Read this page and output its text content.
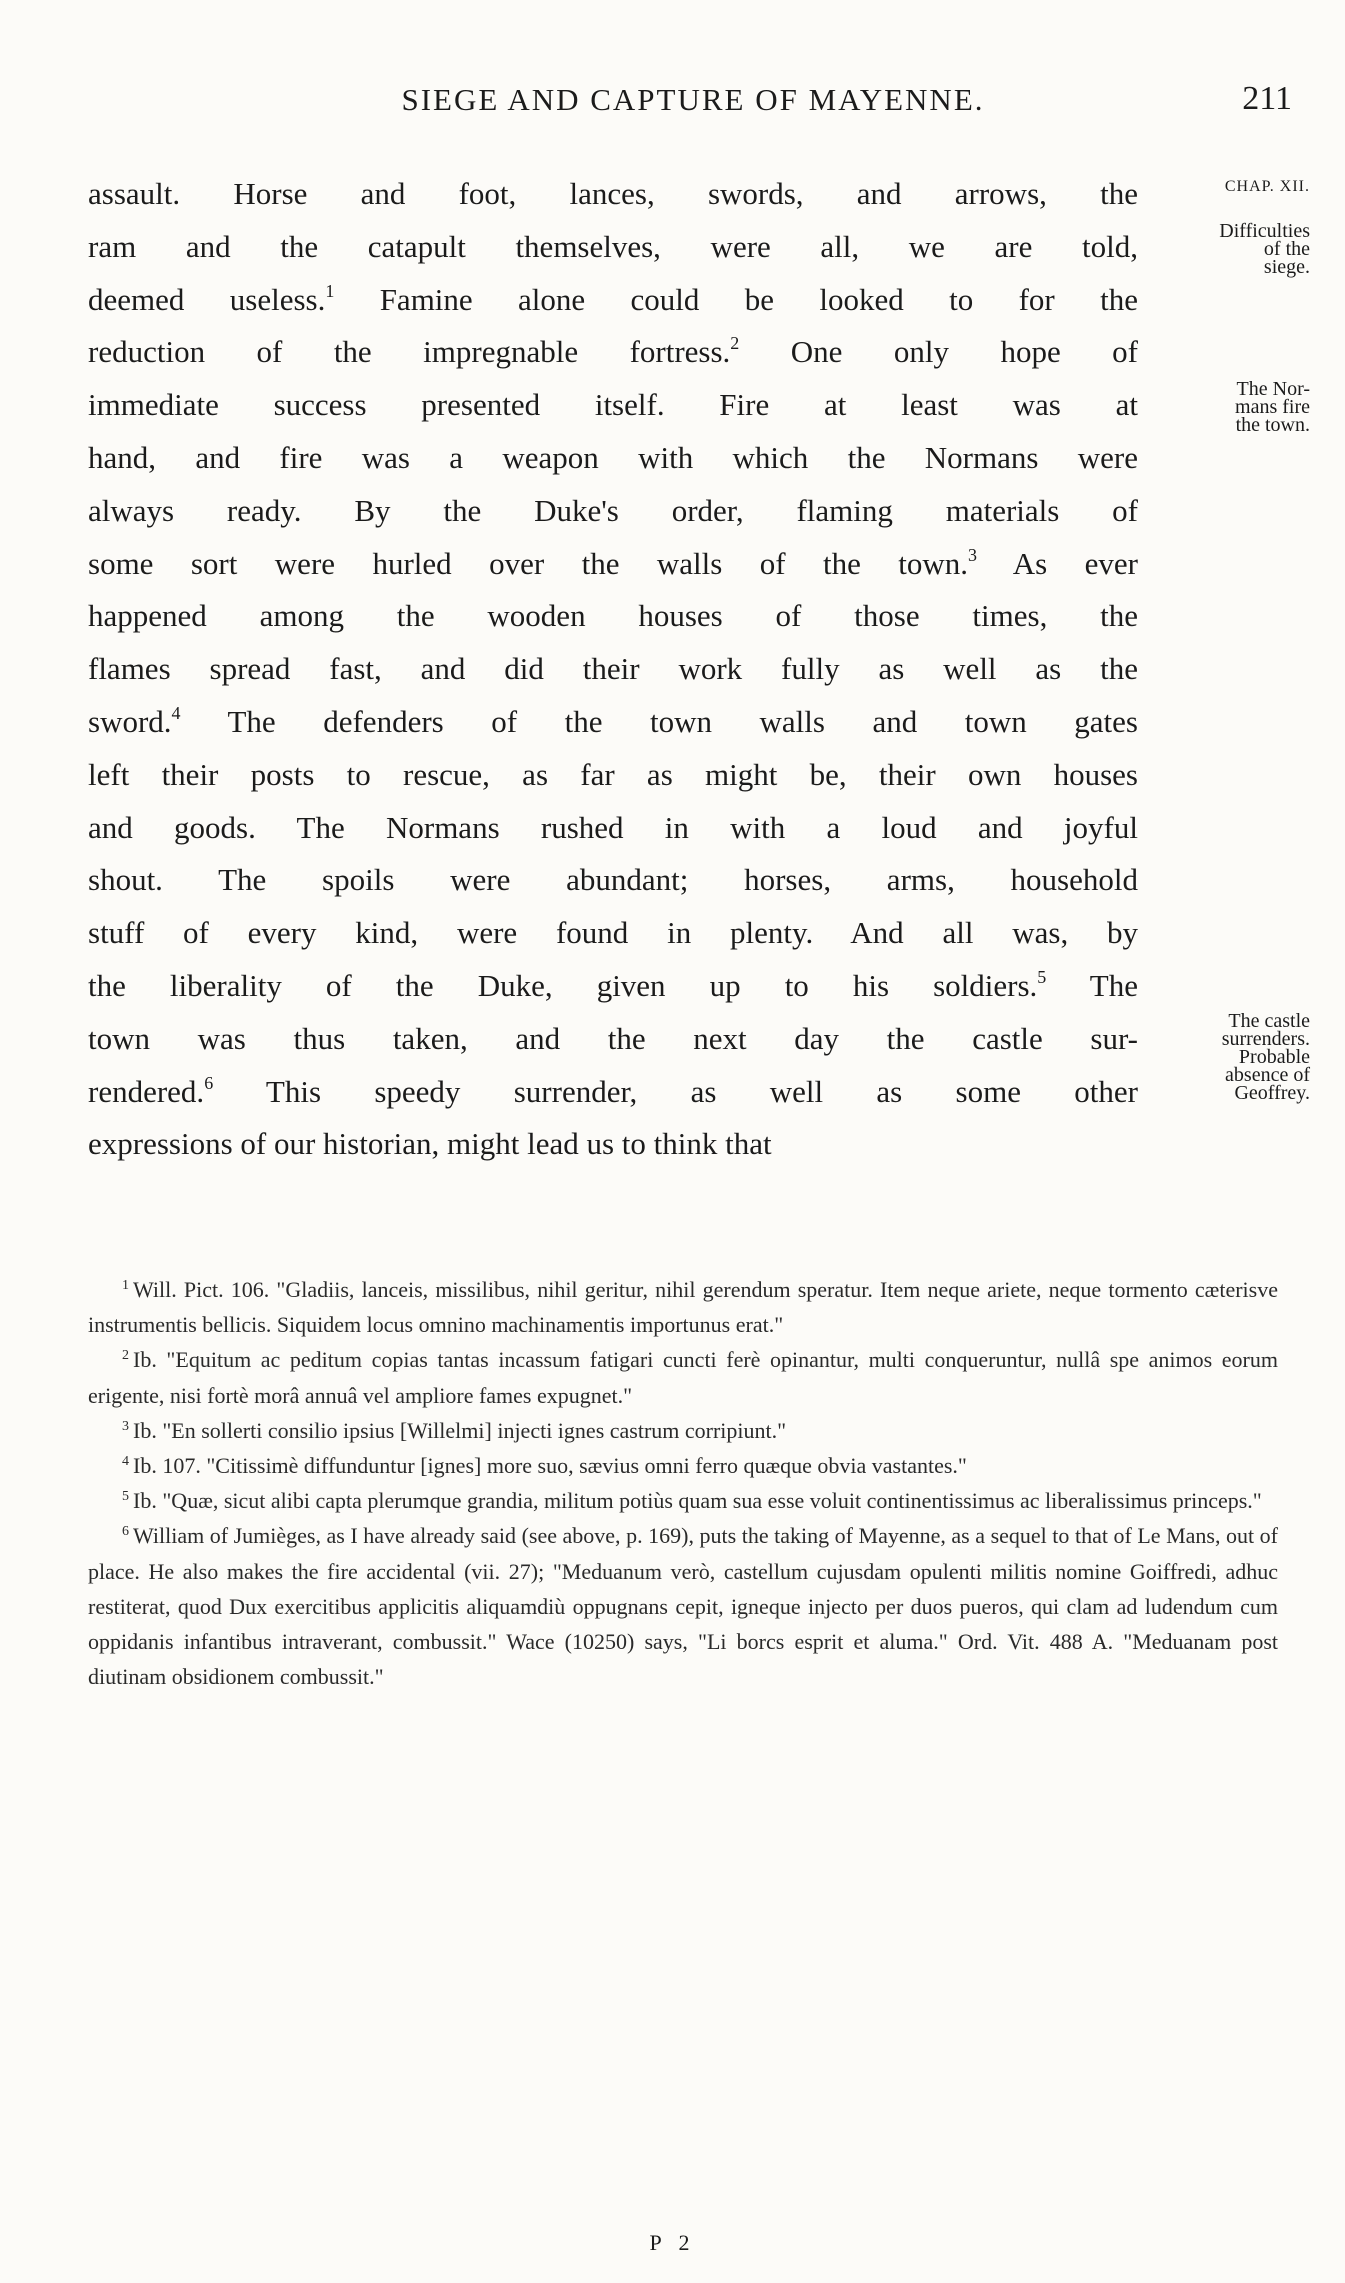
SIEGE AND CAPTURE OF MAYENNE.	211
assault. Horse and foot, lances, swords, and arrows, the
ram and the catapult themselves, were all, we are told,
deemed useless.$^1$ Famine alone could be looked to for the
reduction of the impregnable fortress.$^2$ One only hope of
immediate success presented itself. Fire at least was at
hand, and fire was a weapon with which the Normans were
always ready. By the Duke's order, flaming materials of
some sort were hurled over the walls of the town.$^3$ As ever
happened among the wooden houses of those times, the
flames spread fast, and did their work fully as well as the
sword.$^4$ The defenders of the town walls and town gates
left their posts to rescue, as far as might be, their own houses
and goods. The Normans rushed in with a loud and joyful
shout. The spoils were abundant; horses, arms, household
stuff of every kind, were found in plenty. And all was, by
the liberality of the Duke, given up to his soldiers.$^5$ The
town was thus taken, and the next day the castle sur-
rendered.$^6$ This speedy surrender, as well as some other
expressions of our historian, might lead us to think that
CHAP. XII.
Difficulties
of the
siege.
The Nor-
mans fire
the town.
The castle
surrenders.
Probable
absence of
Geoffrey.

$^1$ Will. Pict. 106. "Gladiis, lanceis, missilibus, nihil geritur, nihil gerendum speratur. Item neque ariete, neque tormento cæterisve instrumentis bellicis. Siquidem locus omnino machinamentis importunus erat."

$^2$ Ib. "Equitum ac peditum copias tantas incassum fatigari cuncti ferè opinantur, multi conqueruntur, nullâ spe animos eorum erigente, nisi fortè morâ annuâ vel ampliore fames expugnet."

$^3$ Ib. "En sollerti consilio ipsius [Willelmi] injecti ignes castrum corripiunt."

$^4$ Ib. 107. "Citissimè diffunduntur [ignes] more suo, sævius omni ferro quæque obvia vastantes."

$^5$ Ib. "Quæ, sicut alibi capta plerumque grandia, militum potiùs quam sua esse voluit continentissimus ac liberalissimus princeps."

$^6$ William of Jumièges, as I have already said (see above, p. 169), puts the taking of Mayenne, as a sequel to that of Le Mans, out of place. He also makes the fire accidental (vii. 27); "Meduanum verò, castellum cujusdam opulenti militis nomine Goiffredi, adhuc restiterat, quod Dux exercitibus applicitis aliquamdiù oppugnans cepit, igneque injecto per duos pueros, qui clam ad ludendum cum oppidanis infantibus intraverant, combussit." Wace (10250) says, "Li borcs esprit et aluma." Ord. Vit. 488 A. "Meduanam post diutinam obsidionem combussit."

P 2
